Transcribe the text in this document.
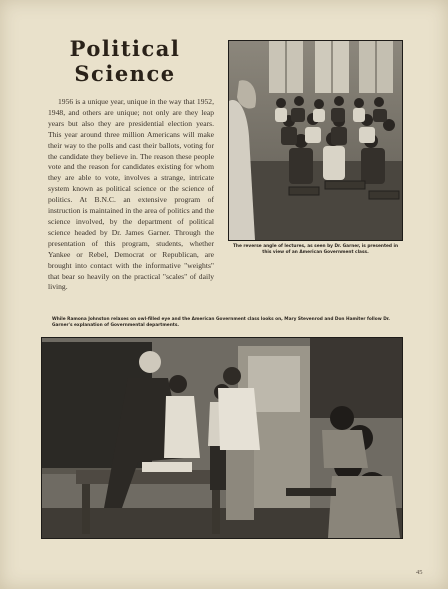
Political
Science

1956 is a unique year, unique in the way that 1952, 1948, and others are unique; not only are they leap years but also they are presidential election years. This year around three million Americans will make their way to the polls and cast their ballots, voting for the candidate they believe in. The reason these people vote and the reason for candidates existing for whom they are able to vote, involves a strange, intricate system known as political science or the science of politics. At B.N.C. an extensive program of instruction is maintained in the area of politics and the science involved, by the department of political science headed by Dr. James Garner. Through the presentation of this program, students, whether Yankee or Rebel, Democrat or Republican, are brought into contact with the informative "weights" that bear so heavily on the practical "scales" of daily living.

The reverse angle of lectures, as seen by Dr. Garner, is presented in this view of an American Government class.

While Ramona Johnston relaxes on owl-filled eye and the American Government class looks on, Mary Stevenrod and Don Hamiter follow Dr. Garner's explanation of Governmental departments.

45
